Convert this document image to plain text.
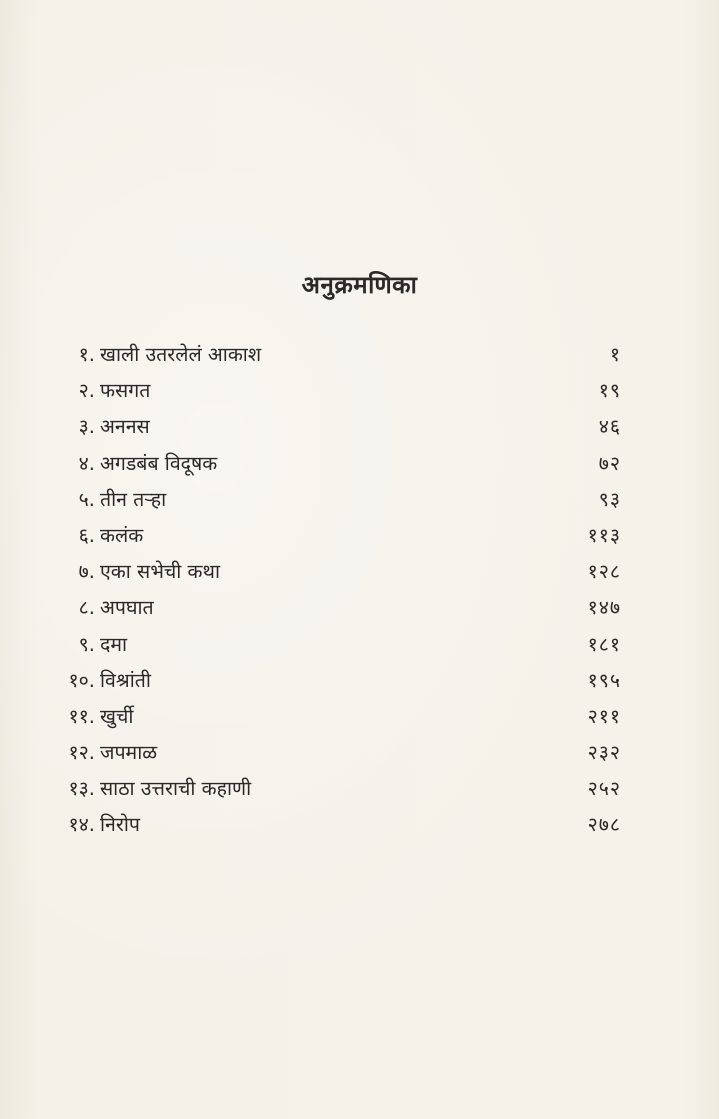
अनुक्रमणिका
१. खाली उतरलेलं आकाश	१
२. फसगत	१९
३. अननस	४६
४. अगडबंब विदूषक	७२
५. तीन तऱ्हा	९३
६. कलंक	११३
७. एका सभेची कथा	१२८
८. अपघात	१४७
९. दमा	१८१
१०. विश्रांती	१९५
११. खुर्ची	२११
१२. जपमाळ	२३२
१३. साठा उत्तराची कहाणी	२५२
१४. निरोप	२७८
